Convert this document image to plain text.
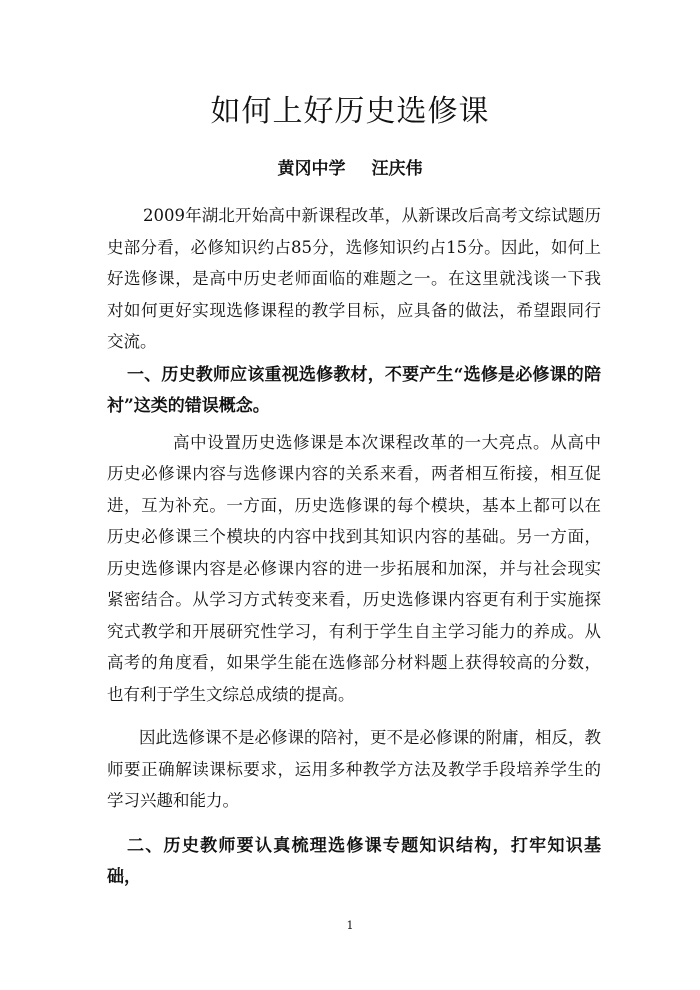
如何上好历史选修课
黄冈中学 汪庆伟

2009年湖北开始高中新课程改革，从新课改后高考文综试题历史部分看，必修知识约占85分，选修知识约占15分。因此，如何上好选修课，是高中历史老师面临的难题之一。在这里就浅谈一下我对如何更好实现选修课程的教学目标，应具备的做法，希望跟同行交流。

一、历史教师应该重视选修教材，不要产生“选修是必修课的陪衬”这类的错误概念。

高中设置历史选修课是本次课程改革的一大亮点。从高中历史必修课内容与选修课内容的关系来看，两者相互衔接，相互促进，互为补充。一方面，历史选修课的每个模块，基本上都可以在历史必修课三个模块的内容中找到其知识内容的基础。另一方面，历史选修课内容是必修课内容的进一步拓展和加深，并与社会现实紧密结合。从学习方式转变来看，历史选修课内容更有利于实施探究式教学和开展研究性学习，有利于学生自主学习能力的养成。从高考的角度看，如果学生能在选修部分材料题上获得较高的分数，也有利于学生文综总成绩的提高。

因此选修课不是必修课的陪衬，更不是必修课的附庸，相反，教师要正确解读课标要求，运用多种教学方法及教学手段培养学生的学习兴趣和能力。

二、历史教师要认真梳理选修课专题知识结构，打牢知识基础，

1
